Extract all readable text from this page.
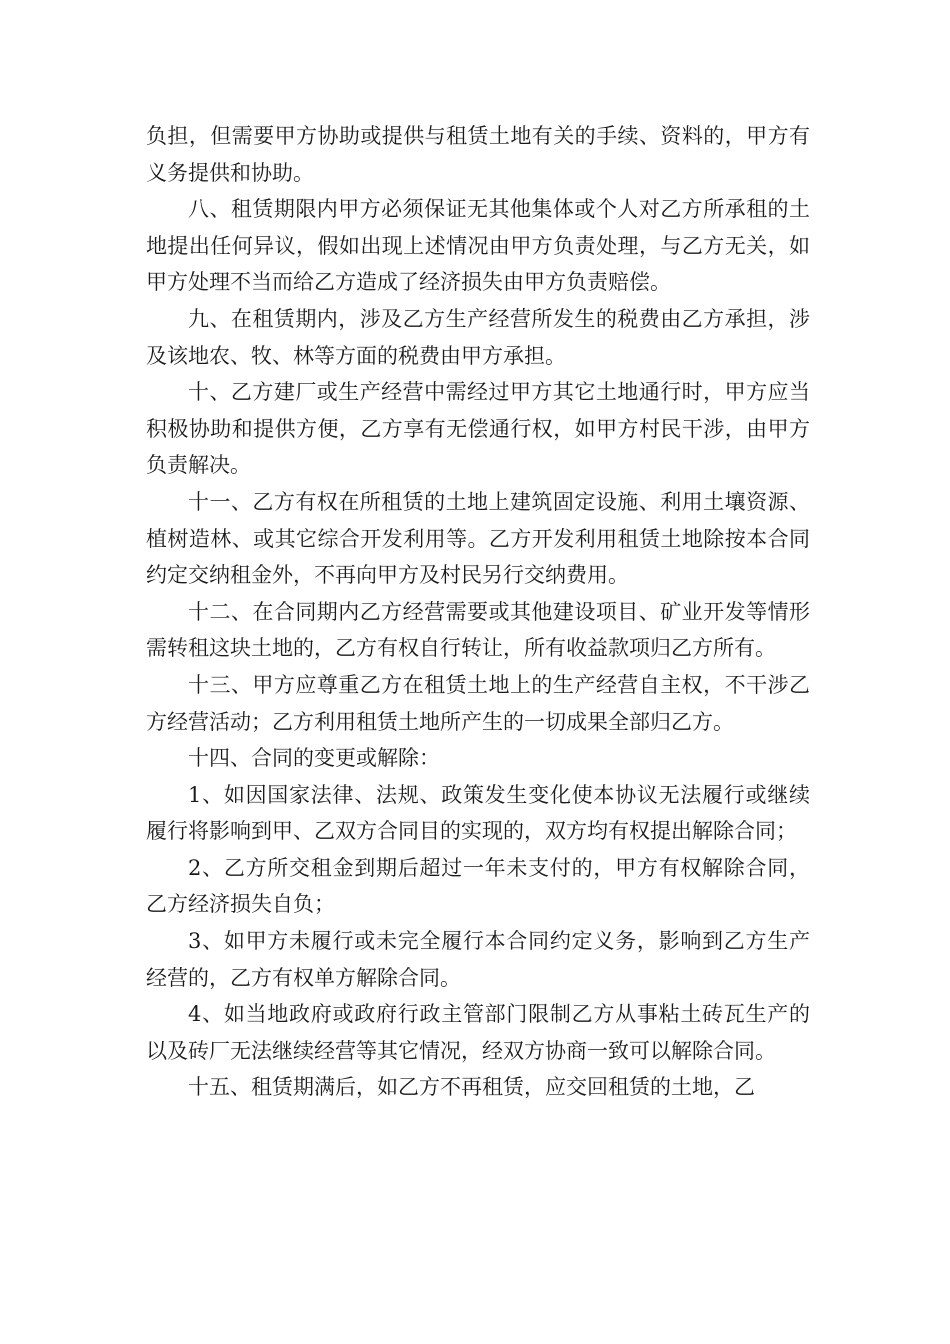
负担，但需要甲方协助或提供与租赁土地有关的手续、资料的，甲方有义务提供和协助。

八、租赁期限内甲方必须保证无其他集体或个人对乙方所承租的土地提出任何异议，假如出现上述情况由甲方负责处理，与乙方无关，如甲方处理不当而给乙方造成了经济损失由甲方负责赔偿。

九、在租赁期内，涉及乙方生产经营所发生的税费由乙方承担，涉及该地农、牧、林等方面的税费由甲方承担。

十、乙方建厂或生产经营中需经过甲方其它土地通行时，甲方应当积极协助和提供方便，乙方享有无偿通行权，如甲方村民干涉，由甲方负责解决。

十一、乙方有权在所租赁的土地上建筑固定设施、利用土壤资源、植树造林、或其它综合开发利用等。乙方开发利用租赁土地除按本合同约定交纳租金外，不再向甲方及村民另行交纳费用。

十二、在合同期内乙方经营需要或其他建设项目、矿业开发等情形需转租这块土地的，乙方有权自行转让，所有收益款项归乙方所有。

十三、甲方应尊重乙方在租赁土地上的生产经营自主权，不干涉乙方经营活动；乙方利用租赁土地所产生的一切成果全部归乙方。

十四、合同的变更或解除：

1、如因国家法律、法规、政策发生变化使本协议无法履行或继续履行将影响到甲、乙双方合同目的实现的，双方均有权提出解除合同；

2、乙方所交租金到期后超过一年未支付的，甲方有权解除合同，乙方经济损失自负；

3、如甲方未履行或未完全履行本合同约定义务，影响到乙方生产经营的，乙方有权单方解除合同。

4、如当地政府或政府行政主管部门限制乙方从事粘土砖瓦生产的以及砖厂无法继续经营等其它情况，经双方协商一致可以解除合同。

十五、租赁期满后，如乙方不再租赁，应交回租赁的土地，乙
